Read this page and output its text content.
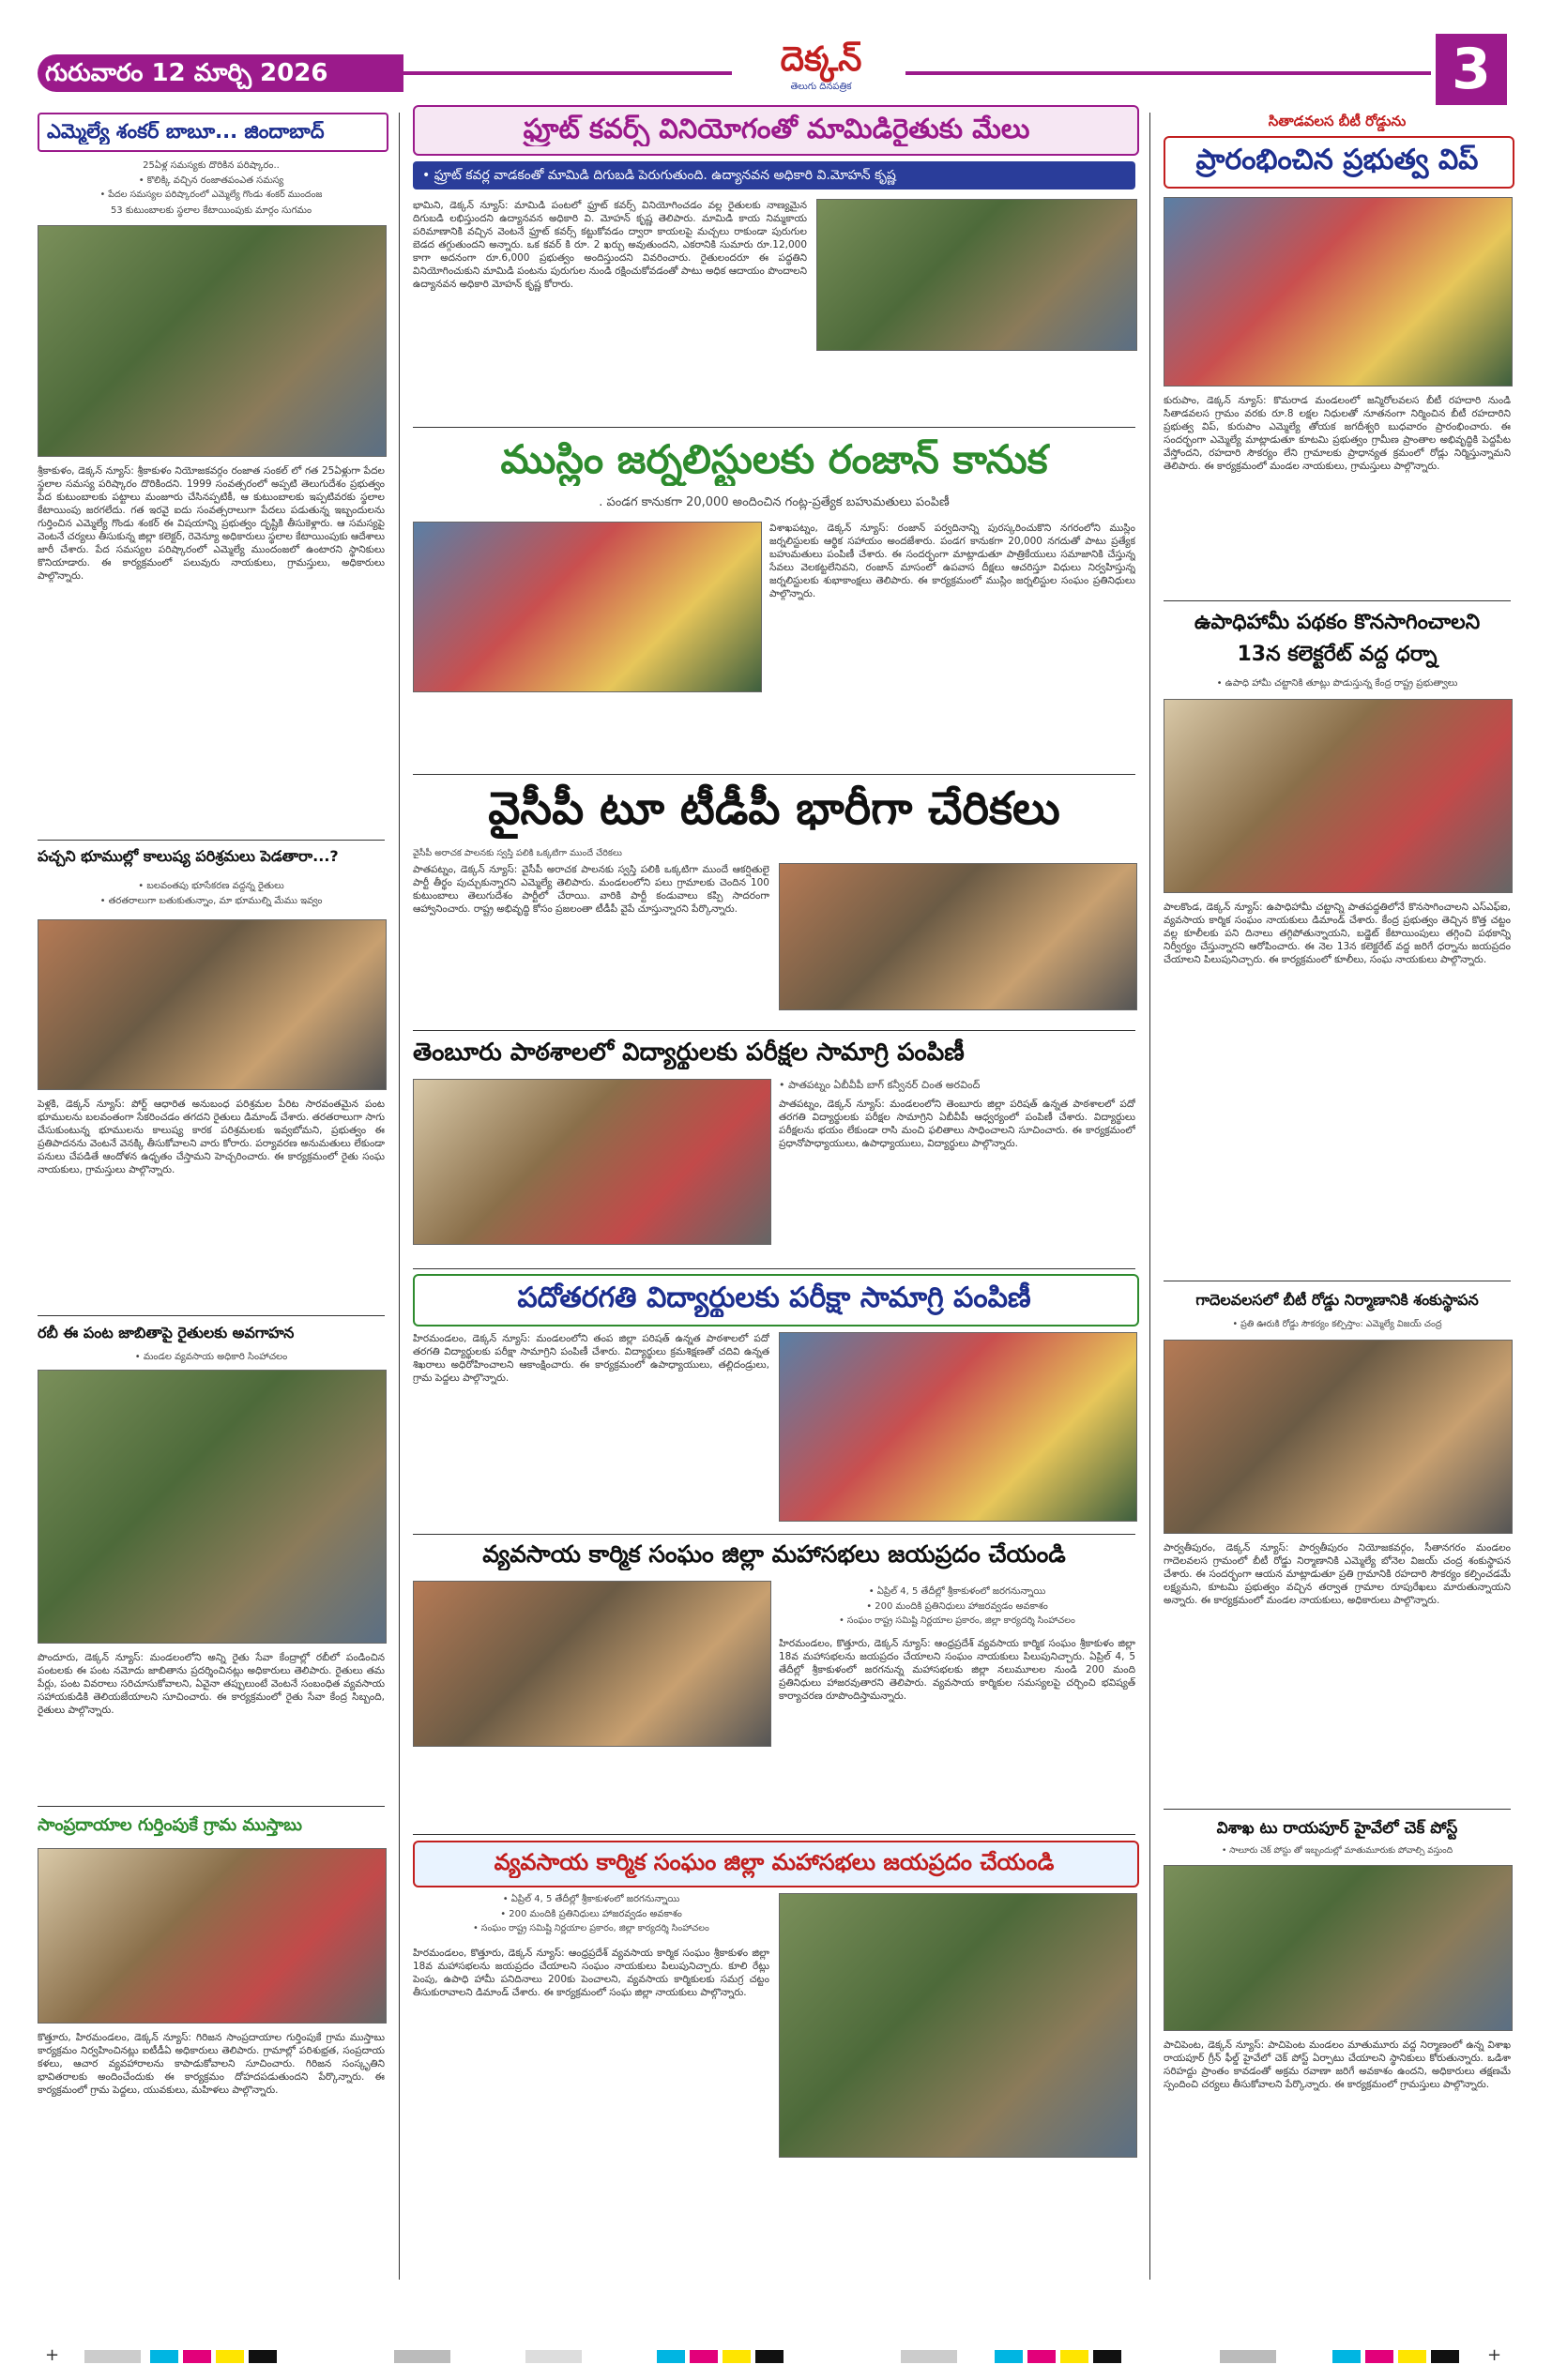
గురువారం 12 మార్చి 2026	దెక్కన్
తెలుగు దినపత్రిక	3
ఎమ్మెల్యే శంకర్ బాబూ... జిందాబాద్
25ఏళ్ల సమస్యకు దొరికిన పరిష్కారం..
• కొలిక్కి వచ్చిన రంజాతపంఎత సమస్య
• పేదల సమస్యల పరిష్కారంలో ఎమ్మెల్యే గొండు శంకర్ ముందంజ
53 కుటుంబాలకు స్థలాల కేటాయింపుకు మార్గం సుగమం
శ్రీకాకుళం, డెక్కన్ న్యూస్: శ్రీకాకుళం నియోజకవర్గం రంజాత సంకల్ లో గత 25ఏళ్లుగా పేదల స్థలాల సమస్య పరిష్కారం దొరికిందని. 1999 సంవత్సరంలో అప్పటి తెలుగుదేశం ప్రభుత్వం పేద కుటుంబాలకు పట్టాలు మంజూరు చేసినప్పటికీ, ఆ కుటుంబాలకు ఇప్పటివరకు స్థలాల కేటాయింపు జరగలేదు. గత ఇరవై ఐదు సంవత్సరాలుగా పేదలు పడుతున్న ఇబ్బందులను గుర్తించిన ఎమ్మెల్యే గొండు శంకర్ ఈ విషయాన్ని ప్రభుత్వం దృష్టికి తీసుకెళ్లారు. ఆ సమస్యపై వెంటనే చర్యలు తీసుకున్న జిల్లా కలెక్టర్, రెవెన్యూ అధికారులు స్థలాల కేటాయింపుకు ఆదేశాలు జారీ చేశారు. పేద సమస్యల పరిష్కారంలో ఎమ్మెల్యే ముందంజలో ఉంటారని స్థానికులు కొనియాడారు. ఈ కార్యక్రమంలో పలువురు నాయకులు, గ్రామస్తులు, అధికారులు పాల్గొన్నారు.
పచ్చని భూముల్లో కాలుష్య పరిశ్రమలు పెడతారా...?
• బలవంతపు భూసేకరణ వద్దన్న రైతులు
• తరతరాలుగా బతుకుతున్నాం, మా భూముల్ని మేము ఇవ్వం
పెళ్లకి, డెక్కన్ న్యూస్: పోర్ట్ ఆధారిత అనుబంధ పరిశ్రమల పేరిట సారవంతమైన పంట భూములను బలవంతంగా సేకరించడం తగదని రైతులు డిమాండ్ చేశారు. తరతరాలుగా సాగు చేసుకుంటున్న భూములను కాలుష్య కారక పరిశ్రమలకు ఇవ్వబోమని, ప్రభుత్వం ఈ ప్రతిపాదనను వెంటనే వెనక్కి తీసుకోవాలని వారు కోరారు. పర్యావరణ అనుమతులు లేకుండా పనులు చేపడితే ఆందోళన ఉధృతం చేస్తామని హెచ్చరించారు. ఈ కార్యక్రమంలో రైతు సంఘ నాయకులు, గ్రామస్తులు పాల్గొన్నారు.
రబీ ఈ పంట జాబితాపై రైతులకు అవగాహన
• మండల వ్యవసాయ అధికారి సింహాచలం
పొందూరు, డెక్కన్ న్యూస్: మండలంలోని అన్ని రైతు సేవా కేంద్రాల్లో రబీలో పండించిన పంటలకు ఈ పంట నమోదు జాబితాను ప్రదర్శించినట్లు అధికారులు తెలిపారు. రైతులు తమ పేర్లు, పంట వివరాలు సరిచూసుకోవాలని, ఏవైనా తప్పులుంటే వెంటనే సంబంధిత వ్యవసాయ సహాయకుడికి తెలియజేయాలని సూచించారు. ఈ కార్యక్రమంలో రైతు సేవా కేంద్ర సిబ్బంది, రైతులు పాల్గొన్నారు.
సాంప్రదాయాల గుర్తింపుకే గ్రామ ముస్తాబు
కొత్తూరు, హిరమండలం, డెక్కన్ న్యూస్: గిరిజన సాంప్రదాయాల గుర్తింపుకే గ్రామ ముస్తాబు కార్యక్రమం నిర్వహించినట్లు ఐటీడీఏ అధికారులు తెలిపారు. గ్రామాల్లో పరిశుభ్రత, సంప్రదాయ కళలు, ఆచార వ్యవహారాలను కాపాడుకోవాలని సూచించారు. గిరిజన సంస్కృతిని భావితరాలకు అందించేందుకు ఈ కార్యక్రమం దోహదపడుతుందని పేర్కొన్నారు. ఈ కార్యక్రమంలో గ్రామ పెద్దలు, యువకులు, మహిళలు పాల్గొన్నారు.
ఫ్రూట్ కవర్స్ వినియోగంతో మామిడిరైతుకు మేలు
• ఫ్రూట్ కవర్ల వాడకంతో మామిడి దిగుబడి పెరుగుతుంది. ఉద్యానవన అధికారి వి.మోహన్ కృష్ణ
భామిని, డెక్కన్ న్యూస్: మామిడి పంటలో ఫ్రూట్ కవర్స్ వినియోగించడం వల్ల రైతులకు నాణ్యమైన దిగుబడి లభిస్తుందని ఉద్యానవన అధికారి వి. మోహన్ కృష్ణ తెలిపారు. మామిడి కాయ నిమ్మకాయ పరిమాణానికి వచ్చిన వెంటనే ఫ్రూట్ కవర్స్ కట్టుకోవడం ద్వారా కాయలపై మచ్చలు రాకుండా పురుగుల బెడద తగ్గుతుందని అన్నారు. ఒక కవర్ కి రూ. 2 ఖర్చు అవుతుందని, ఎకరానికి సుమారు రూ.12,000 కాగా అదనంగా రూ.6,000 ప్రభుత్వం అందిస్తుందని వివరించారు. రైతులందరూ ఈ పద్ధతిని వినియోగించుకుని మామిడి పంటను పురుగుల నుండి రక్షించుకోవడంతో పాటు అధిక ఆదాయం పొందాలని ఉద్యానవన అధికారి మోహన్ కృష్ణ కోరారు.
ముస్లిం జర్నలిస్టులకు రంజాన్ కానుక
. పండగ కానుకగా 20,000 అందించిన గంట్ల-ప్రత్యేక బహుమతులు పంపిణీ
విశాఖపట్నం, డెక్కన్ న్యూస్: రంజాన్ పర్వదినాన్ని పురస్కరించుకొని నగరంలోని ముస్లిం జర్నలిస్టులకు ఆర్థిక సహాయం అందజేశారు. పండగ కానుకగా 20,000 నగదుతో పాటు ప్రత్యేక బహుమతులు పంపిణీ చేశారు. ఈ సందర్భంగా మాట్లాడుతూ పాత్రికేయులు సమాజానికి చేస్తున్న సేవలు వెలకట్టలేనివని, రంజాన్ మాసంలో ఉపవాస దీక్షలు ఆచరిస్తూ విధులు నిర్వహిస్తున్న జర్నలిస్టులకు శుభాకాంక్షలు తెలిపారు. ఈ కార్యక్రమంలో ముస్లిం జర్నలిస్టుల సంఘం ప్రతినిధులు పాల్గొన్నారు.
వైసీపీ టూ టీడీపీ భారీగా చేరికలు
పాతపట్నం, డెక్కన్ న్యూస్: వైసీపీ అరాచక పాలనకు స్వస్తి పలికి ఒక్కటిగా ముందే ఆకర్షితులై పార్టీ తీర్థం పుచ్చుకున్నారని ఎమ్మెల్యే తెలిపారు. మండలంలోని పలు గ్రామాలకు చెందిన 100 కుటుంబాలు తెలుగుదేశం పార్టీలో చేరాయి. వారికి పార్టీ కండువాలు కప్పి సాదరంగా ఆహ్వానించారు. రాష్ట్ర అభివృద్ధి కోసం ప్రజలంతా టీడీపీ వైపే చూస్తున్నారని పేర్కొన్నారు.
వైసీపీ అరాచక పాలనకు స్వస్తి పలికి ఒక్కటిగా ముందే చేరికలు
తెంబూరు పాఠశాలలో విద్యార్థులకు పరీక్షల సామాగ్రి పంపిణీ
• పాతపట్నం ఏబీవీపీ బాగ్ కన్వీనర్ చింత అరవింద్
పాతపట్నం, డెక్కన్ న్యూస్: మండలంలోని తెంబూరు జిల్లా పరిషత్ ఉన్నత పాఠశాలలో పదో తరగతి విద్యార్థులకు పరీక్షల సామాగ్రిని ఏబీవీపీ ఆధ్వర్యంలో పంపిణీ చేశారు. విద్యార్థులు పరీక్షలను భయం లేకుండా రాసి మంచి ఫలితాలు సాధించాలని సూచించారు. ఈ కార్యక్రమంలో ప్రధానోపాధ్యాయులు, ఉపాధ్యాయులు, విద్యార్థులు పాల్గొన్నారు.
పదోతరగతి విద్యార్థులకు పరీక్షా సామాగ్రి పంపిణీ
హిరమండలం, డెక్కన్ న్యూస్: మండలంలోని తంప జిల్లా పరిషత్ ఉన్నత పాఠశాలలో పదో తరగతి విద్యార్థులకు పరీక్షా సామాగ్రిని పంపిణీ చేశారు. విద్యార్థులు క్రమశిక్షణతో చదివి ఉన్నత శిఖరాలు అధిరోహించాలని ఆకాంక్షించారు. ఈ కార్యక్రమంలో ఉపాధ్యాయులు, తల్లిదండ్రులు, గ్రామ పెద్దలు పాల్గొన్నారు.
వ్యవసాయ కార్మిక సంఘం జిల్లా మహాసభలు జయప్రదం చేయండి
• ఏప్రిల్ 4, 5 తేదీల్లో శ్రీకాకుళంలో జరగనున్నాయి
• 200 మందికి ప్రతినిధులు హాజరవ్వడం అవకాశం
• సంఘం రాష్ట్ర సమిష్టి నిర్ణయాల ప్రకారం, జిల్లా కార్యదర్శి సింహాచలం
హిరమండలం, కొత్తూరు, డెక్కన్ న్యూస్: ఆంధ్రప్రదేశ్ వ్యవసాయ కార్మిక సంఘం శ్రీకాకుళం జిల్లా 18వ మహాసభలను జయప్రదం చేయాలని సంఘం నాయకులు పిలుపునిచ్చారు. ఏప్రిల్ 4, 5 తేదీల్లో శ్రీకాకుళంలో జరగనున్న మహాసభలకు జిల్లా నలుమూలల నుండి 200 మంది ప్రతినిధులు హాజరవుతారని తెలిపారు. వ్యవసాయ కార్మికుల సమస్యలపై చర్చించి భవిష్యత్ కార్యాచరణ రూపొందిస్తామన్నారు.
వ్యవసాయ కార్మిక సంఘం జిల్లా మహాసభలు జయప్రదం చేయండి
• ఏప్రిల్ 4, 5 తేదీల్లో శ్రీకాకుళంలో జరగనున్నాయి
• 200 మందికి ప్రతినిధులు హాజరవ్వడం అవకాశం
• సంఘం రాష్ట్ర సమిష్టి నిర్ణయాల ప్రకారం, జిల్లా కార్యదర్శి సింహాచలం
హిరమండలం, కొత్తూరు, డెక్కన్ న్యూస్: ఆంధ్రప్రదేశ్ వ్యవసాయ కార్మిక సంఘం శ్రీకాకుళం జిల్లా 18వ మహాసభలను జయప్రదం చేయాలని సంఘం నాయకులు పిలుపునిచ్చారు. కూలి రేట్లు పెంపు, ఉపాధి హామీ పనిదినాలు 200కు పెంచాలని, వ్యవసాయ కార్మికులకు సమగ్ర చట్టం తీసుకురావాలని డిమాండ్ చేశారు. ఈ కార్యక్రమంలో సంఘ జిల్లా నాయకులు పాల్గొన్నారు.
సితాడవలస బీటీ రోడ్డును
ప్రారంభించిన ప్రభుత్వ విప్
కురుపాం, డెక్కన్ న్యూస్: కొమరాడ మండలంలో జన్మిరోలవలస బీటీ రహదారి నుండి సితాడవలస గ్రామం వరకు రూ.8 లక్షల నిధులతో నూతనంగా నిర్మించిన బీటీ రహదారిని ప్రభుత్వ విప్, కురుపాం ఎమ్మెల్యే తోయక జగదీశ్వరి బుధవారం ప్రారంభించారు. ఈ సందర్భంగా ఎమ్మెల్యే మాట్లాడుతూ కూటమి ప్రభుత్వం గ్రామీణ ప్రాంతాల అభివృద్ధికి పెద్దపీట వేస్తోందని, రహదారి సౌకర్యం లేని గ్రామాలకు ప్రాధాన్యత క్రమంలో రోడ్లు నిర్మిస్తున్నామని తెలిపారు. ఈ కార్యక్రమంలో మండల నాయకులు, గ్రామస్తులు పాల్గొన్నారు.
ఉపాధిహామీ పథకం కొనసాగించాలని
13న కలెక్టరేట్ వద్ద ధర్నా
• ఉపాధి హామీ చట్టానికి తూట్లు పొడుస్తున్న కేంద్ర రాష్ట్ర ప్రభుత్వాలు
పాలకొండ, డెక్కన్ న్యూస్: ఉపాధిహామీ చట్టాన్ని పాతపద్ధతిలోనే కొనసాగించాలని ఎస్ఎఫ్ఐ, వ్యవసాయ కార్మిక సంఘం నాయకులు డిమాండ్ చేశారు. కేంద్ర ప్రభుత్వం తెచ్చిన కొత్త చట్టం వల్ల కూలీలకు పని దినాలు తగ్గిపోతున్నాయని, బడ్జెట్ కేటాయింపులు తగ్గించి పథకాన్ని నిర్వీర్యం చేస్తున్నారని ఆరోపించారు. ఈ నెల 13న కలెక్టరేట్ వద్ద జరిగే ధర్నాను జయప్రదం చేయాలని పిలుపునిచ్చారు. ఈ కార్యక్రమంలో కూలీలు, సంఘ నాయకులు పాల్గొన్నారు.
గాదెలవలసలో బీటీ రోడ్డు నిర్మాణానికి శంకుస్థాపన
• ప్రతి ఊరుకి రోడ్డు సౌకర్యం కల్పిస్తాం: ఎమ్మెల్యే విజయ్ చంద్ర
పార్వతీపురం, డెక్కన్ న్యూస్: పార్వతీపురం నియోజకవర్గం, సీతానగరం మండలం గాదెలవలస గ్రామంలో బీటీ రోడ్డు నిర్మాణానికి ఎమ్మెల్యే బోనెల విజయ్ చంద్ర శంకుస్థాపన చేశారు. ఈ సందర్భంగా ఆయన మాట్లాడుతూ ప్రతి గ్రామానికి రహదారి సౌకర్యం కల్పించడమే లక్ష్యమని, కూటమి ప్రభుత్వం వచ్చిన తర్వాత గ్రామాల రూపురేఖలు మారుతున్నాయని అన్నారు. ఈ కార్యక్రమంలో మండల నాయకులు, అధికారులు పాల్గొన్నారు.
విశాఖ టు రాయపూర్ హైవేలో చెక్ పోస్ట్
• సాలూరు చెక్ పోస్టు తో ఇబ్బందుల్లో మాతుమూరుకు పోవాల్సి వస్తుంది
పాచిపెంట, డెక్కన్ న్యూస్: పాచిపెంట మండలం మాతుమూరు వద్ద నిర్మాణంలో ఉన్న విశాఖ రాయపూర్ గ్రీన్ ఫీల్డ్ హైవేలో చెక్ పోస్ట్ ఏర్పాటు చేయాలని స్థానికులు కోరుతున్నారు. ఒడిశా సరిహద్దు ప్రాంతం కావడంతో అక్రమ రవాణా జరిగే అవకాశం ఉందని, అధికారులు తక్షణమే స్పందించి చర్యలు తీసుకోవాలని పేర్కొన్నారు. ఈ కార్యక్రమంలో గ్రామస్తులు పాల్గొన్నారు.
+	+
